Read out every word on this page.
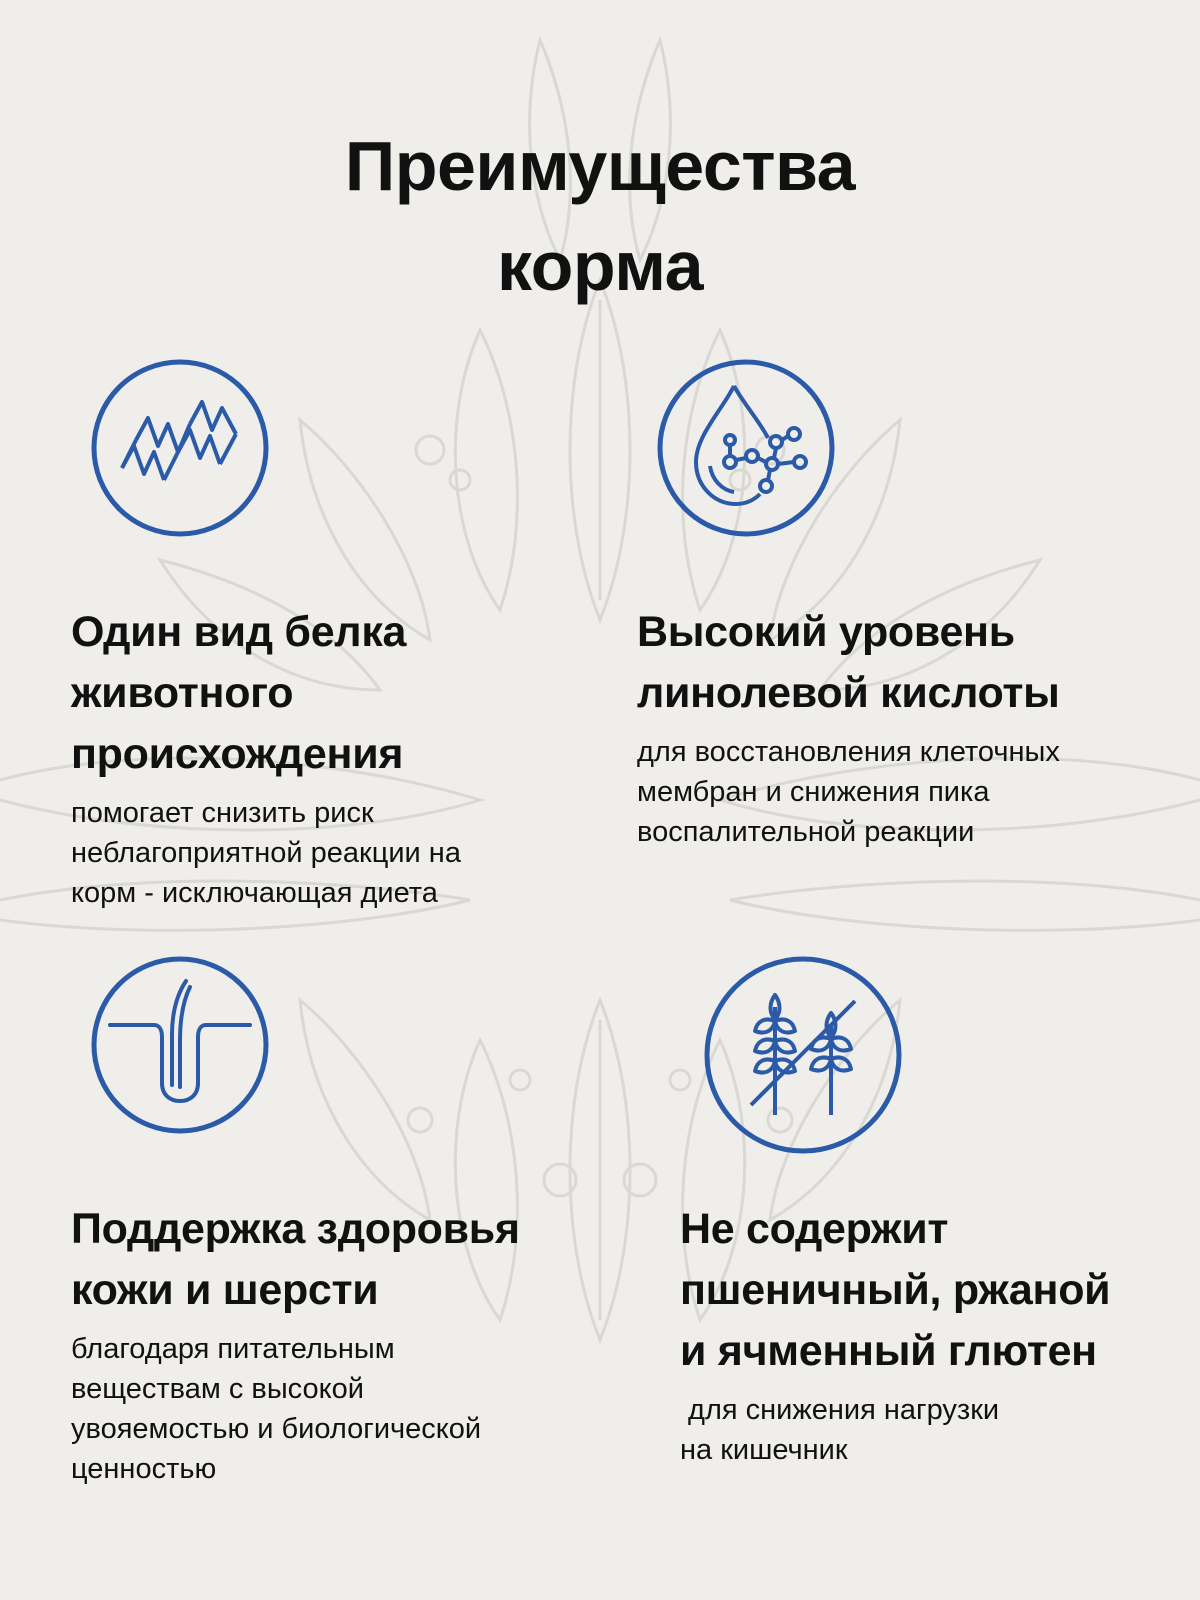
Преимущества
корма
Один вид белка
животного
происхождения

помогает снизить риск
неблагоприятной реакции на
корм - исключающая диета

Высокий уровень
линолевой кислоты

для восстановления клеточных
мембран и снижения пика
воспалительной реакции

Поддержка здоровья
кожи и шерсти

благодаря питательным
веществам с высокой
увояемостью и биологической
ценностью

Не содержит
пшеничный, ржаной
и ячменный глютен

для снижения нагрузки
на кишечник
